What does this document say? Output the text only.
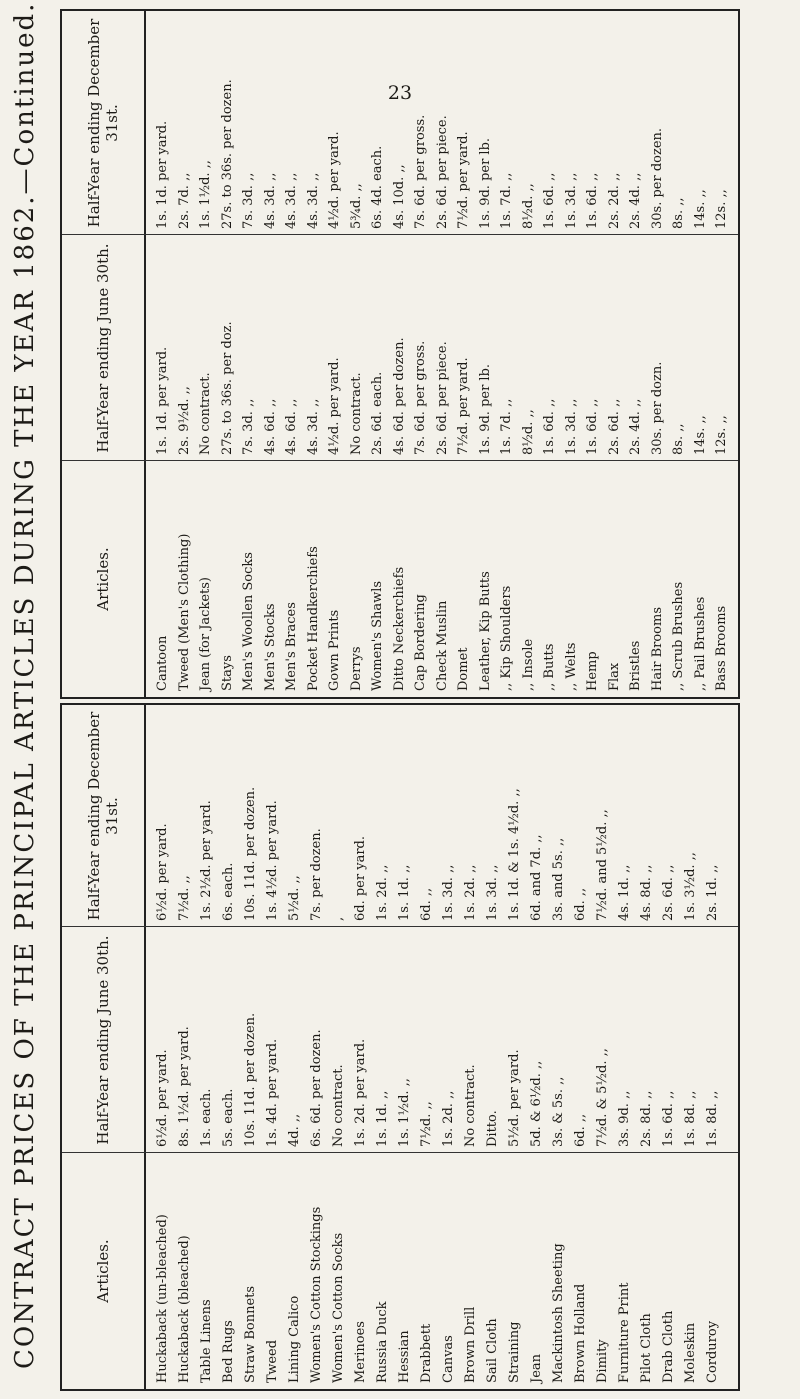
23
CONTRACT PRICES OF THE PRINCIPAL ARTICLES DURING THE YEAR 1862.—Continued.	Articles.
Half-Year ending June 30th.
Half-Year ending December 31st.
Huckaback (un-bleached)
6½d. per yard.
6½d. per yard.
Huckaback (bleached)
8s. 1½d. per yard.
7½d. ,,
Table Linens
1s. each.
1s. 2½d. per yard.
Bed Rugs
5s. each.
6s. each.
Straw Bonnets
10s. 11d. per dozen.
10s. 11d. per dozen.
Tweed
1s. 4d. per yard.
1s. 4½d. per yard.
Lining Calico
4d. ,,
5½d. ,,
Women's Cotton Stockings
6s. 6d. per dozen.
7s. per dozen.
Women's Cotton Socks
No contract.
,
Merinoes
1s. 2d. per yard.
6d. per yard.
Russia Duck
1s. 1d. ,,
1s. 2d. ,,
Hessian
1s. 1½d. ,,
1s. 1d. ,,
Drabbett
7½d. ,,
6d. ,,
Canvas
1s. 2d. ,,
1s. 3d. ,,
Brown Drill
No contract.
1s. 2d. ,,
Sail Cloth
Ditto.
1s. 3d. ,,
Straining
5½d. per yard.
1s. 1d. & 1s. 4½d. ,,
Jean
5d. & 6½d. ,,
6d. and 7d. ,,
Mackintosh Sheeting
3s. & 5s. ,,
3s. and 5s. ,,
Brown Holland
6d. ,,
6d. ,,
Dimity
7½d. & 5½d. ,,
7½d. and 5½d. ,,
Furniture Print
3s. 9d. ,,
4s. 1d. ,,
Pilot Cloth
2s. 8d. ,,
4s. 8d. ,,
Drab Cloth
1s. 6d. ,,
2s. 6d. ,,
Moleskin
1s. 8d. ,,
1s. 3½d. ,,
Corduroy
1s. 8d. ,,
2s. 1d. ,,
Articles.
Half-Year ending June 30th.
Half-Year ending December 31st.
Cantoon
1s. 1d. per yard.
1s. 1d. per yard.
Tweed (Men's Clothing)
2s. 9½d. ,,
2s. 7d. ,,
Jean (for Jackets)
No contract.
1s. 1½d. ,,
Stays
27s. to 36s. per doz.
27s. to 36s. per dozen.
Men's Woollen Socks
7s. 3d. ,,
7s. 3d. ,,
Men's Stocks
4s. 6d. ,,
4s. 3d. ,,
Men's Braces
4s. 6d. ,,
4s. 3d. ,,
Pocket Handkerchiefs
4s. 3d. ,,
4s. 3d. ,,
Gown Prints
4½d. per yard.
4½d. per yard.
Derrys
No contract.
5¾d. ,,
Women's Shawls
2s. 6d. each.
6s. 4d. each.
Ditto Neckerchiefs
4s. 6d. per dozen.
4s. 10d. ,,
Cap Bordering
7s. 6d. per gross.
7s. 6d. per gross.
Check Muslin
2s. 6d. per piece.
2s. 6d. per piece.
Domet
7½d. per yard.
7½d. per yard.
Leather, Kip Butts
1s. 9d. per lb.
1s. 9d. per lb.
,, Kip Shoulders
1s. 7d. ,,
1s. 7d. ,,
,, Insole
8½d. ,,
8½d. ,,
,, Butts
1s. 6d. ,,
1s. 6d. ,,
,, Welts
1s. 3d. ,,
1s. 3d. ,,
Hemp
1s. 6d. ,,
1s. 6d. ,,
Flax
2s. 6d. ,,
2s. 2d. ,,
Bristles
2s. 4d. ,,
2s. 4d. ,,
Hair Brooms
30s. per dozn.
30s. per dozen.
,, Scrub Brushes
8s. ,,
8s. ,,
,, Pail Brushes
14s. ,,
14s. ,,
Bass Brooms
12s. ,,
12s. ,,
